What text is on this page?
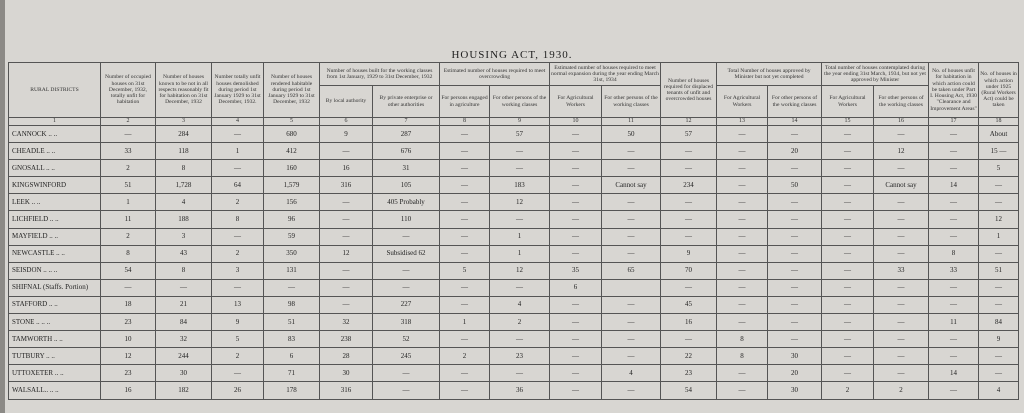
HOUSING ACT, 1930.
RURAL DISTRICTS	Number of occupied houses on 31st December, 1932, totally unfit for habitation	Number of houses known to be not in all respects reasonably fit for habitation on 31st December, 1932	Number totally unfit houses demolished during period 1st January 1929 to 31st December, 1932.	Number of houses rendered habitable during period 1st January 1929 to 31st December, 1932	Number of houses built for the working classes from 1st January, 1929 to 31st December, 1932		Estimated number of houses required to meet overcrowding		Estimated number of houses required to meet normal expansion during the year ending March 31st, 1934		Number of houses required for displaced tenants of unfit and overcrowded houses	Total Number of houses approved by Minister but not yet completed		Total number of houses contemplated during the year ending 31st March, 1934, but not yet approved by Minister		No. of houses unfit for habitation in which action could be taken under Part I. Housing Act, 1930 "Clearance and Improvement Areas"	No. of houses in which action under 1925 (Rural Workers Act) could be taken
					By local authority	By private enterprise or other authorities	For persons engaged in agriculture	For other persons of the working classes	For Agricultural Workers	For other persons of the working classes		For Agricultural Workers	For other persons of the working classes	For Agricultural Workers	For other persons of the working classes		
1	2	3	4	5	6	7	8	9	10	11	12	13	14	15	16	17	18
CANNOCK .. ..	—	284	—	680	9	287	—	57	—	50	57	—	—	—	—	—	About
CHEADLE .. ..	33	118	1	412	—	676	—	—	—	—	—	—	20	—	12	—	15 —
GNOSALL .. ..	2	8	—	160	16	31	—	—	—	—	—	—	—	—	—	—	5
KINGSWINFORD	51	1,728	64	1,579	316	105	—	183	—	Cannot say	234	—	50	—	Cannot say	14	—
LEEK .. ..	1	4	2	156	—	405 Probably	—	12	—	—	—	—	—	—	—	—	—
LICHFIELD .. ..	11	188	8	96	—	110	—	—	—	—	—	—	—	—	—	—	12
MAYFIELD .. ..	2	3	—	59	—	—	—	1	—	—	—	—	—	—	—	—	1
NEWCASTLE .. ..	8	43	2	350	12	Subsidised 62	—	1	—	—	9	—	—	—	—	8	—
SEISDON .. .. ..	54	8	3	131	—	—	5	12	35	65	70	—	—	—	33	33	51
SHIFNAL (Staffs. Portion)	—	—	—	—	—	—	—	—	6		—	—	—	—	—	—	—
STAFFORD .. ..	18	21	13	98	—	227	—	4	—	—	45	—	—	—	—	—	—
STONE .. .. ..	23	84	9	51	32	318	1	2	—	—	16	—	—	—	—	11	84
TAMWORTH .. ..	10	32	5	83	238	52	—	—	—	—	—	8	—	—	—	—	9
TUTBURY .. ..	12	244	2	6	28	245	2	23	—	—	22	8	30	—	—	—	—
UTTOXETER .. ..	23	30	—	71	30	—	—	—	—	4	23	—	20	—	—	14	—
WALSALL.. .. ..	16	182	26	178	316	—	—	36	—	—	54	—	30	2	2	—	4
